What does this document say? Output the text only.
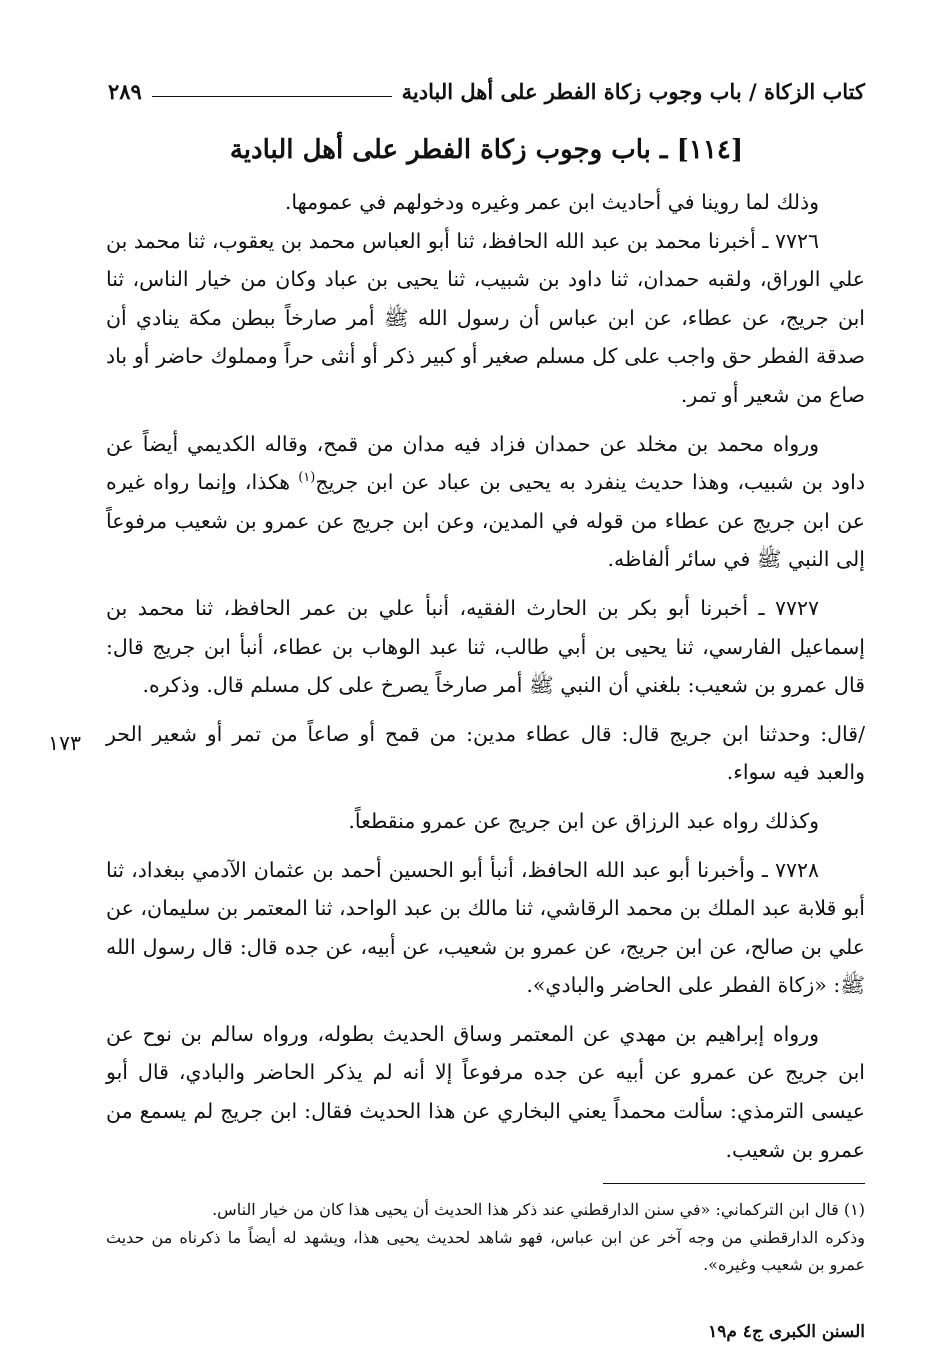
كتاب الزكاة / باب وجوب زكاة الفطر على أهل البادية
٢٨٩
[١١٤] ـ باب وجوب زكاة الفطر على أهل البادية

وذلك لما روينا في أحاديث ابن عمر وغيره ودخولهم في عمومها.

٧٧٢٦ ـ أخبرنا محمد بن عبد الله الحافظ، ثنا أبو العباس محمد بن يعقوب، ثنا محمد بن علي الوراق، ولقبه حمدان، ثنا داود بن شبيب، ثنا يحيى بن عباد وكان من خيار الناس، ثنا ابن جريج، عن عطاء، عن ابن عباس أن رسول الله ﷺ أمر صارخاً ببطن مكة ينادي أن صدقة الفطر حق واجب على كل مسلم صغير أو كبير ذكر أو أنثى حراً ومملوك حاضر أو باد صاع من شعير أو تمر.

ورواه محمد بن مخلد عن حمدان فزاد فيه مدان من قمح، وقاله الكديمي أيضاً عن داود بن شبيب، وهذا حديث ينفرد به يحيى بن عباد عن ابن جريج$^{(١)}$ هكذا، وإنما رواه غيره عن ابن جريج عن عطاء من قوله في المدين، وعن ابن جريج عن عمرو بن شعيب مرفوعاً إلى النبي ﷺ في سائر ألفاظه.

٧٧٢٧ ـ أخبرنا أبو بكر بن الحارث الفقيه، أنبأ علي بن عمر الحافظ، ثنا محمد بن إسماعيل الفارسي، ثنا يحيى بن أبي طالب، ثنا عبد الوهاب بن عطاء، أنبأ ابن جريج قال: قال عمرو بن شعيب: بلغني أن النبي ﷺ أمر صارخاً يصرخ على كل مسلم قال. وذكره.

/قال: وحدثنا ابن جريج قال: قال عطاء مدين: من قمح أو صاعاً من تمر أو شعير الحر والعبد فيه سواء.

وكذلك رواه عبد الرزاق عن ابن جريج عن عمرو منقطعاً.

٧٧٢٨ ـ وأخبرنا أبو عبد الله الحافظ، أنبأ أبو الحسين أحمد بن عثمان الآدمي ببغداد، ثنا أبو قلابة عبد الملك بن محمد الرقاشي، ثنا مالك بن عبد الواحد، ثنا المعتمر بن سليمان، عن علي بن صالح، عن ابن جريج، عن عمرو بن شعيب، عن أبيه، عن جده قال: قال رسول الله ﷺ: «زكاة الفطر على الحاضر والبادي».

ورواه إبراهيم بن مهدي عن المعتمر وساق الحديث بطوله، ورواه سالم بن نوح عن ابن جريج عن عمرو عن أبيه عن جده مرفوعاً إلا أنه لم يذكر الحاضر والبادي، قال أبو عيسى الترمذي: سألت محمداً يعني البخاري عن هذا الحديث فقال: ابن جريج لم يسمع من عمرو بن شعيب.

١٧٣

(١) قال ابن التركماني: «في سنن الدارقطني عند ذكر هذا الحديث أن يحيى هذا كان من خيار الناس.

وذكره الدارقطني من وجه آخر عن ابن عباس، فهو شاهد لحديث يحيى هذا، ويشهد له أيضاً ما ذكرناه من حديث عمرو بن شعيب وغيره».

السنن الكبرى ج٤ م١٩
